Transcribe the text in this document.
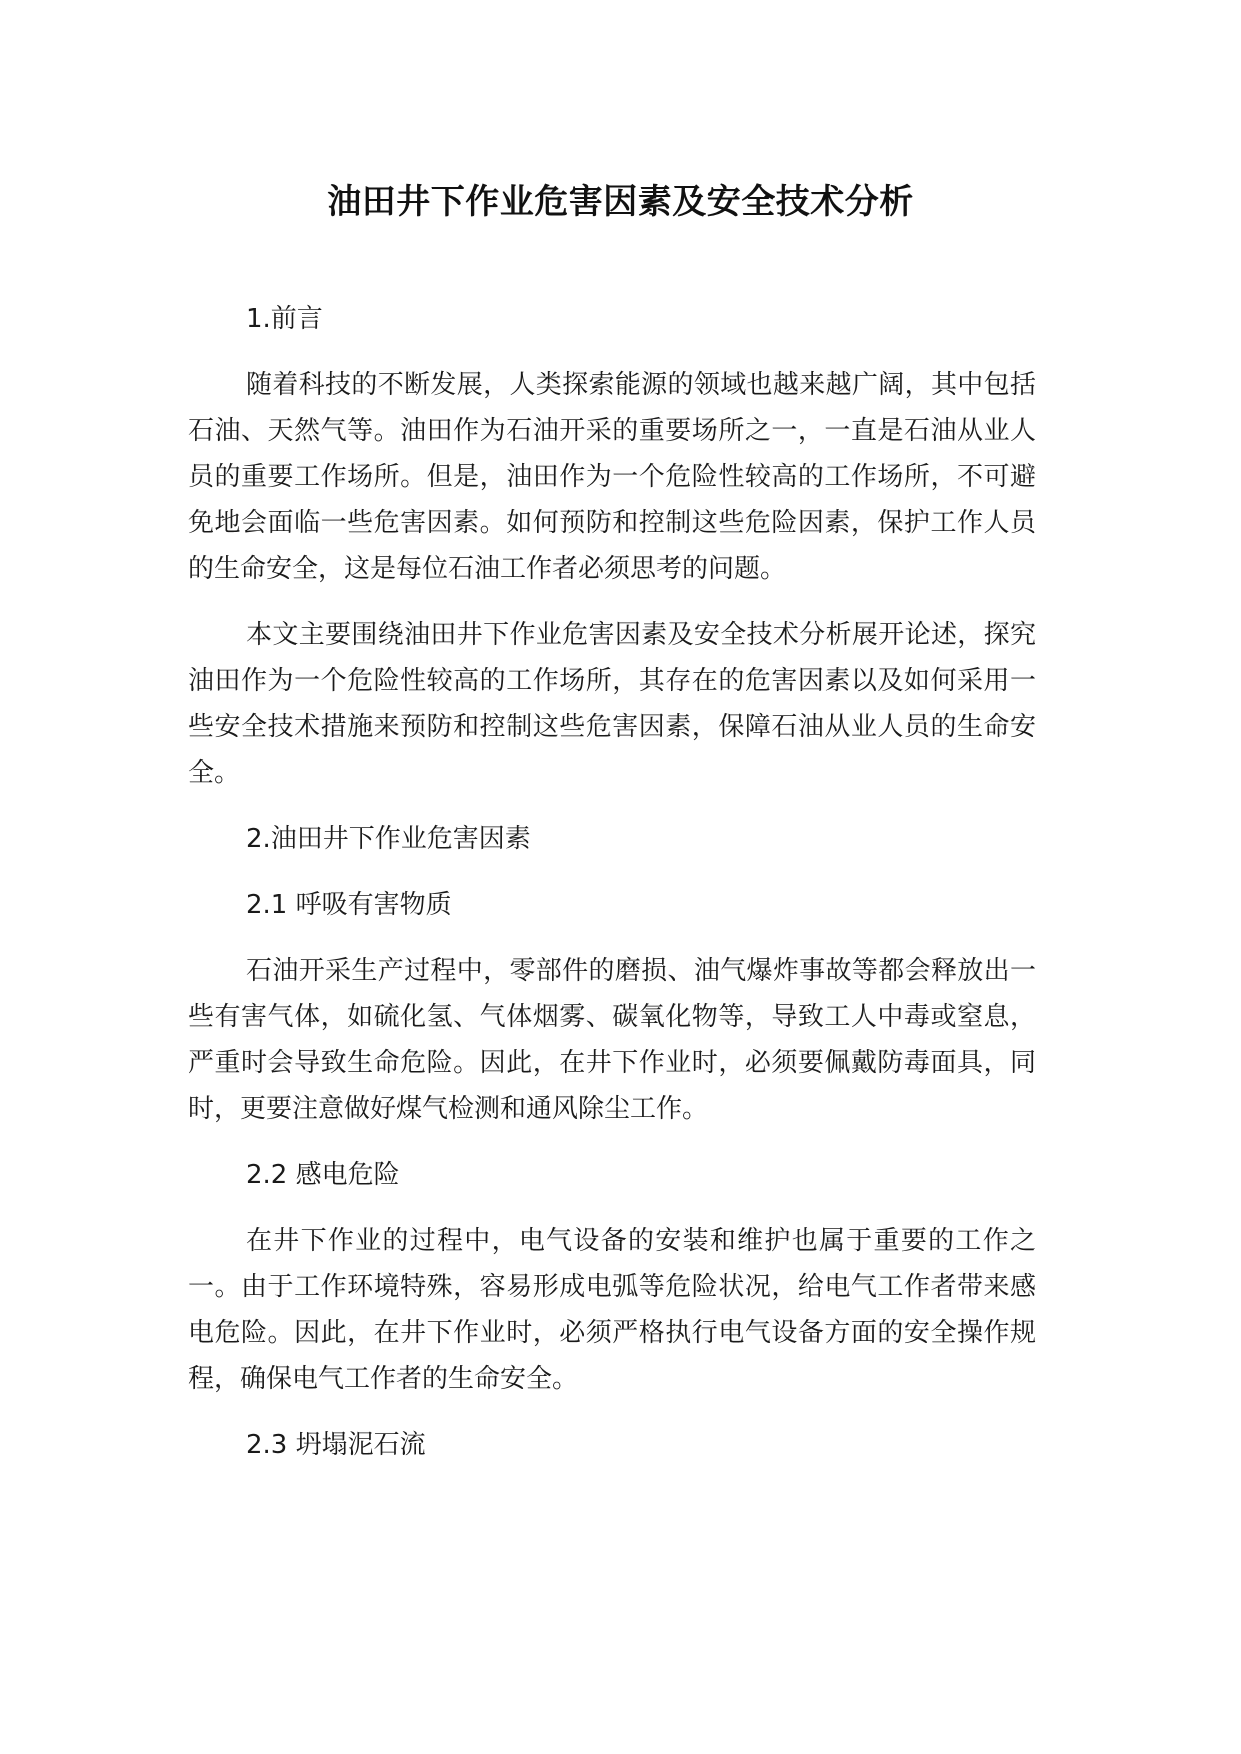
油田井下作业危害因素及安全技术分析

1.前言

随着科技的不断发展，人类探索能源的领域也越来越广阔，其中包括石油、天然气等。油田作为石油开采的重要场所之一，一直是石油从业人员的重要工作场所。但是，油田作为一个危险性较高的工作场所，不可避免地会面临一些危害因素。如何预防和控制这些危险因素，保护工作人员的生命安全，这是每位石油工作者必须思考的问题。

本文主要围绕油田井下作业危害因素及安全技术分析展开论述，探究油田作为一个危险性较高的工作场所，其存在的危害因素以及如何采用一些安全技术措施来预防和控制这些危害因素，保障石油从业人员的生命安全。

2.油田井下作业危害因素

2.1 呼吸有害物质

石油开采生产过程中，零部件的磨损、油气爆炸事故等都会释放出一些有害气体，如硫化氢、气体烟雾、碳氧化物等，导致工人中毒或窒息，严重时会导致生命危险。因此，在井下作业时，必须要佩戴防毒面具，同时，更要注意做好煤气检测和通风除尘工作。

2.2 感电危险

在井下作业的过程中，电气设备的安装和维护也属于重要的工作之一。由于工作环境特殊，容易形成电弧等危险状况，给电气工作者带来感电危险。因此，在井下作业时，必须严格执行电气设备方面的安全操作规程，确保电气工作者的生命安全。

2.3 坍塌泥石流
